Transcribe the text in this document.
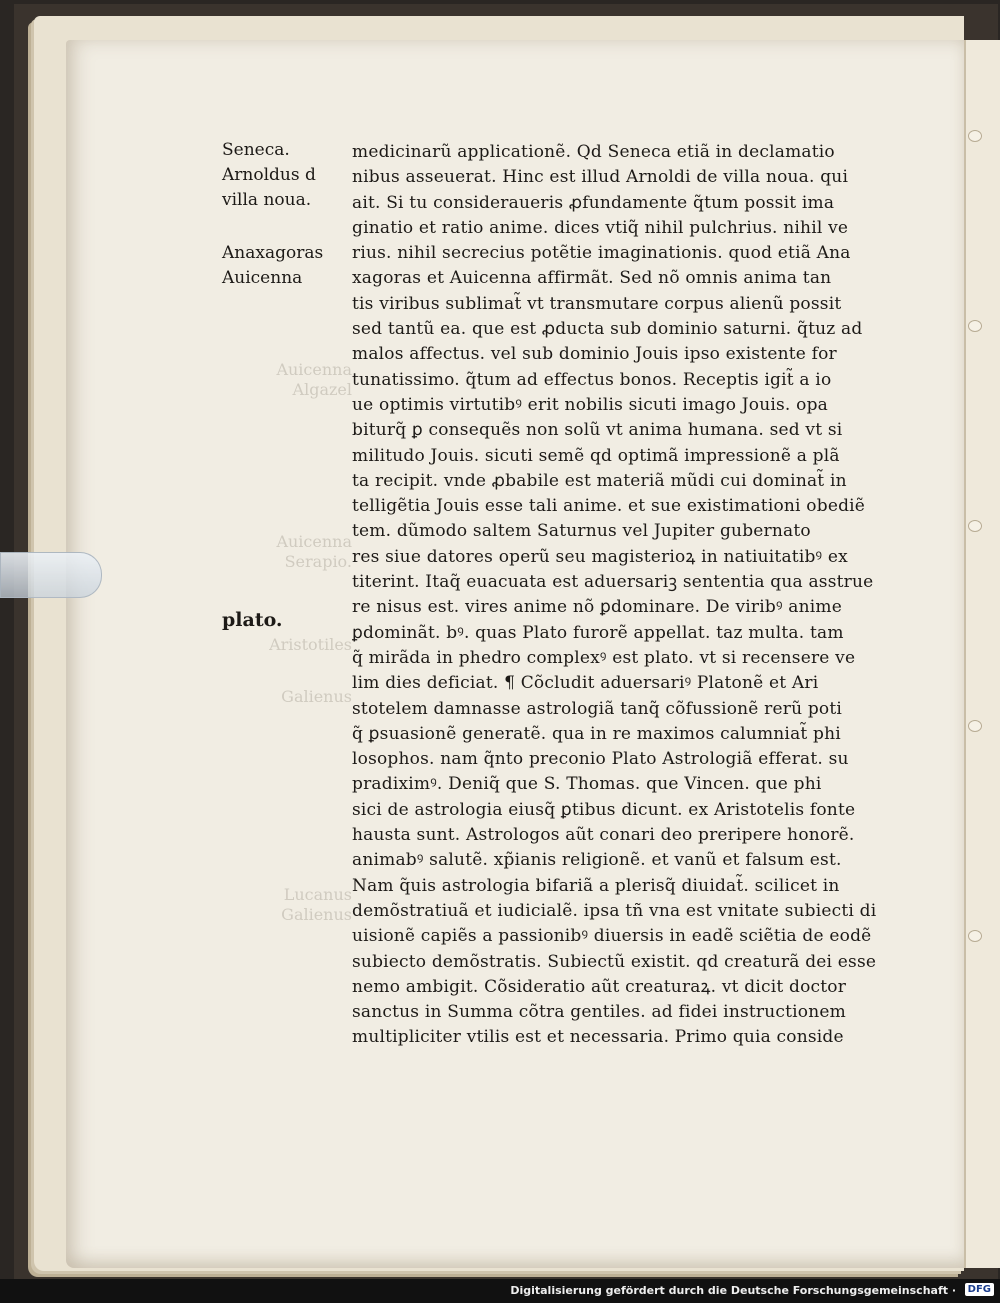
Auicenna
Algazel
Auicenna
Serapio.
Aristotiles
Galienus
Lucanus
Galienus
Seneca.
Arnoldus d
villa noua.
Anaxagoras
Auicenna
plato.
medicinarũ applicationẽ. Qd Seneca etiã in declamatio
nibus asseuerat. Hinc est illud Arnoldi de villa noua. qui
ait. Si tu consideraueris ꝓfundamente q̃tum possit ima
ginatio et ratio anime. dices vtiq̃ nihil pulchrius. nihil ve
rius. nihil secrecius potẽtie imaginationis. quod etiã Ana
xagoras et Auicenna affirmãt. Sed nõ omnis anima tan
tis viribus sublimat̃ vt transmutare corpus alienũ possit
sed tantũ ea. que est ꝓducta sub dominio saturni. q̃tuz ad
malos affectus. vel sub dominio Jouis ipso existente for
tunatissimo. q̃tum ad effectus bonos. Receptis igit̃ a io
ue optimis virtutibꝰ erit nobilis sicuti imago Jouis. opa
biturq̃ ꝑ consequẽs non solũ vt anima humana. sed vt si
militudo Jouis. sicuti semẽ qd optimã impressionẽ a plã
ta recipit. vnde ꝓbabile est materiã mũdi cui dominat̃ in
telligẽtia Jouis esse tali anime. et sue existimationi obediẽ
tem. dũmodo saltem Saturnus vel Jupiter gubernato
res siue datores operũ seu magisterioꝝ in natiuitatibꝰ ex
titerint. Itaq̃ euacuata est aduersariꝫ sententia qua asstrue
re nisus est. vires anime nõ ꝑdominare. De viribꝰ anime
ꝑdominãt. bꝰ. quas Plato furorẽ appellat. taz multa. tam
q̃ mirãda in phedro complexꝰ est plato. vt si recensere ve
lim dies deficiat. ¶ Cõcludit aduersariꝰ Platonẽ et Ari
stotelem damnasse astrologiã tanq̃ cõfussionẽ rerũ poti
q̃ ꝑsuasionẽ generatẽ. qua in re maximos calumniat̃ phi
losophos. nam q̃nto preconio Plato Astrologiã efferat. su
pradiximꝰ. Deniq̃ que S. Thomas. que Vincen. que phi
sici de astrologia eiusq̃ ꝑtibus dicunt. ex Aristotelis fonte
hausta sunt. Astrologos aũt conari deo preripere honorẽ.
animabꝰ salutẽ. xp̃ianis religionẽ. et vanũ et falsum est.
Nam q̃uis astrologia bifariã a plerisq̃ diuidat̃. scilicet in
demõstratiuã et iudicialẽ. ipsa tñ vna est vnitate subiecti di
uisionẽ capiẽs a passionibꝰ diuersis in eadẽ sciẽtia de eodẽ
subiecto demõstratis. Subiectũ existit. qd creaturã dei esse
nemo ambigit. Cõsideratio aũt creaturaꝝ. vt dicit doctor
sanctus in Summa cõtra gentiles. ad fidei instructionem
multipliciter vtilis est et necessaria. Primo quia conside
Digitalisierung gefördert durch die Deutsche Forschungsgemeinschaft ·	DFG
